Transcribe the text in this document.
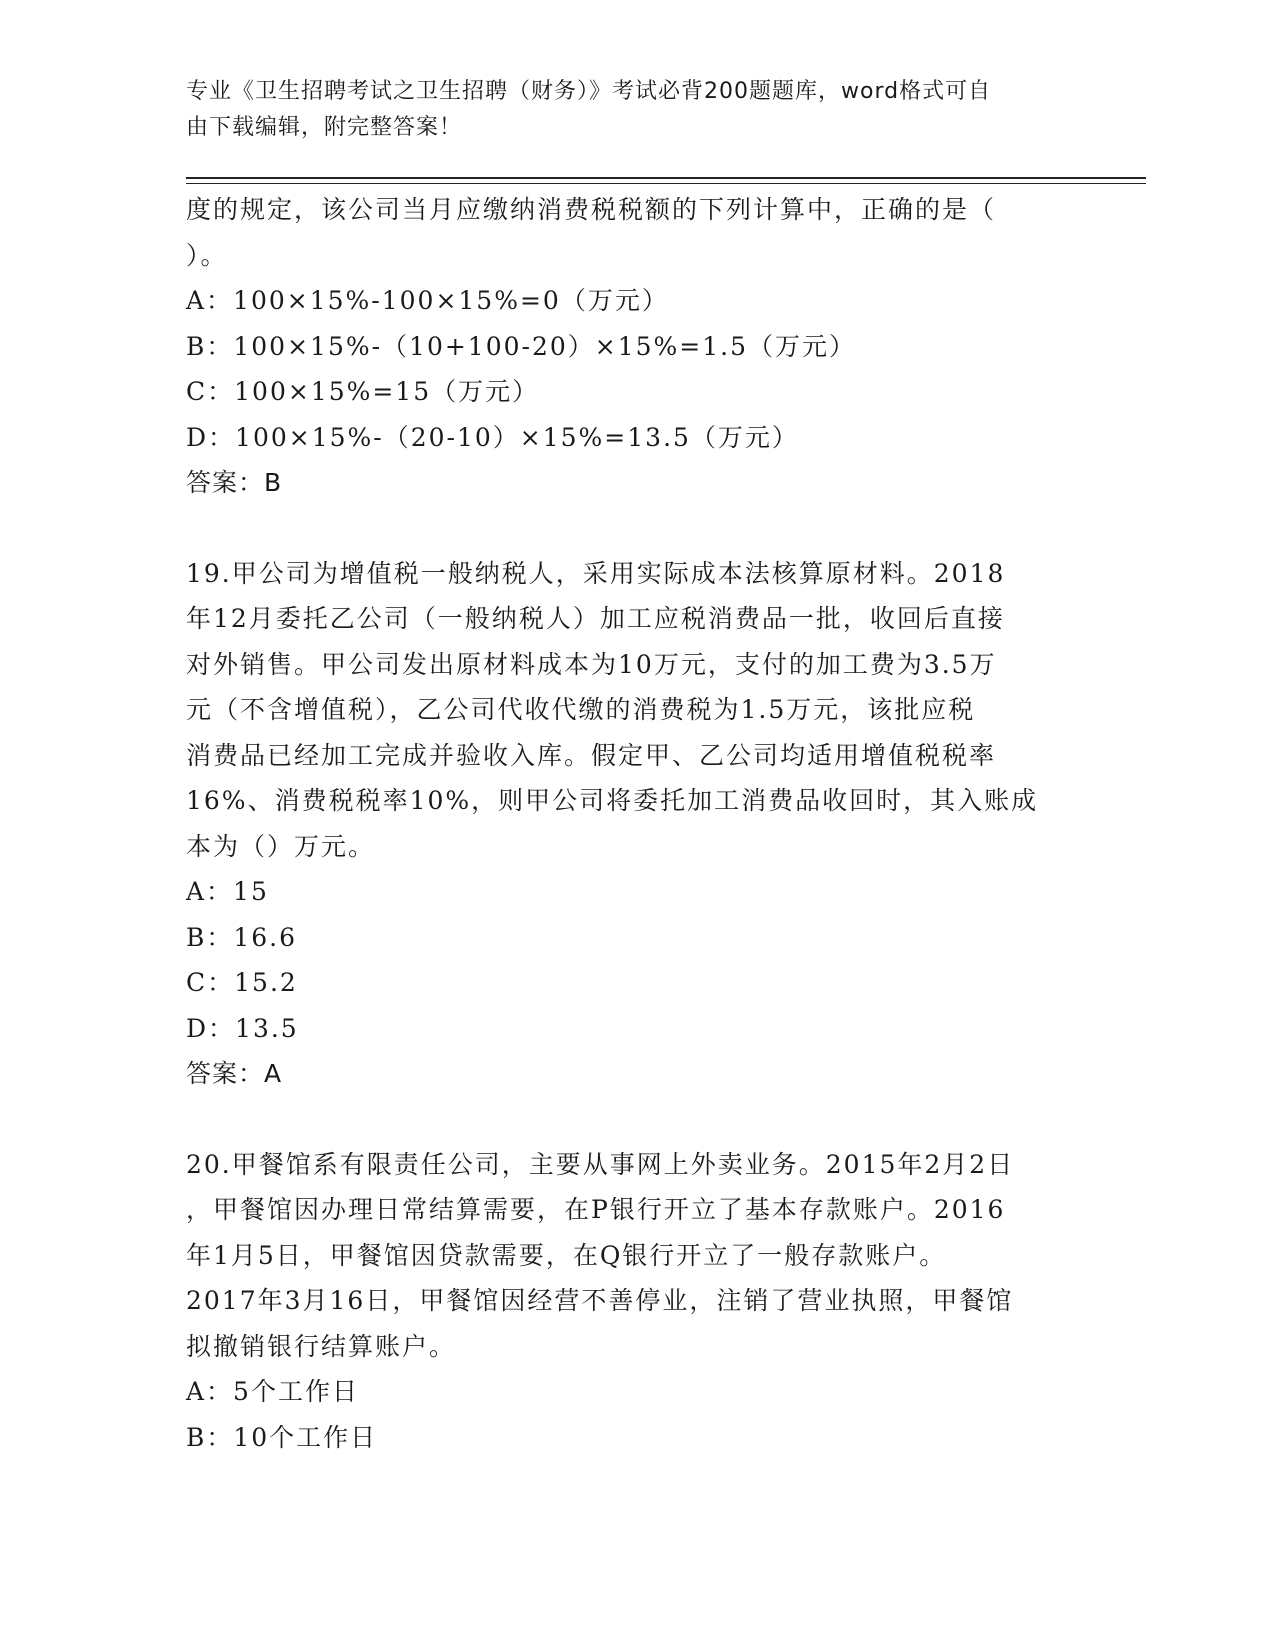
专业《卫生招聘考试之卫生招聘（财务）》考试必背200题题库，word格式可自
由下载编辑，附完整答案！
度的规定，该公司当月应缴纳消费税税额的下列计算中，正确的是（
）。
A：100×15%-100×15%=0（万元）
B：100×15%-（10+100-20）×15%=1.5（万元）
C：100×15%=15（万元）
D：100×15%-（20-10）×15%=13.5（万元）
答案：B
19.甲公司为增值税一般纳税人，采用实际成本法核算原材料。2018
年12月委托乙公司（一般纳税人）加工应税消费品一批，收回后直接
对外销售。甲公司发出原材料成本为10万元，支付的加工费为3.5万
元（不含增值税），乙公司代收代缴的消费税为1.5万元，该批应税
消费品已经加工完成并验收入库。假定甲、乙公司均适用增值税税率
16%、消费税税率10%，则甲公司将委托加工消费品收回时，其入账成
本为（）万元。
A：15
B：16.6
C：15.2
D：13.5
答案：A
20.甲餐馆系有限责任公司，主要从事网上外卖业务。2015年2月2日
，甲餐馆因办理日常结算需要，在P银行开立了基本存款账户。2016
年1月5日，甲餐馆因贷款需要，在Q银行开立了一般存款账户。
2017年3月16日，甲餐馆因经营不善停业，注销了营业执照，甲餐馆
拟撤销银行结算账户。
A：5个工作日
B：10个工作日
